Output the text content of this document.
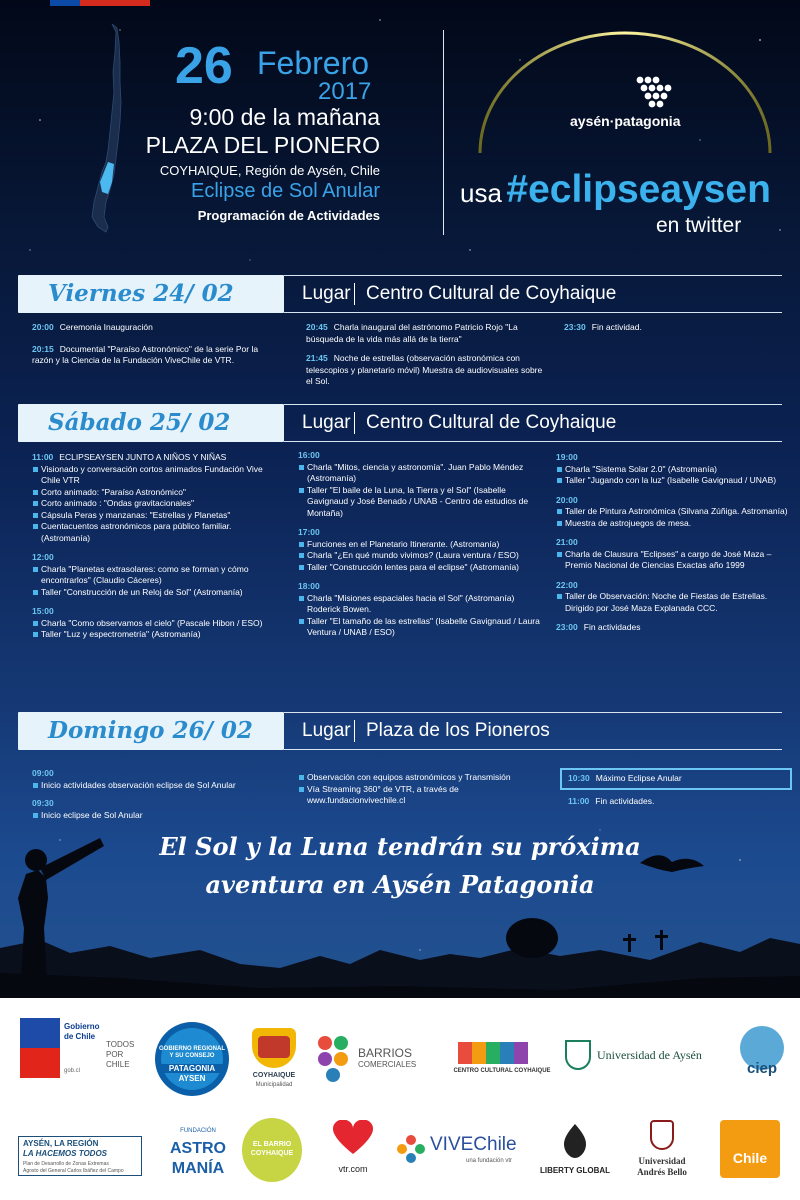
26 Febrero
2017
9:00 de la mañana
PLAZA DEL PIONERO
COYHAIQUE, Región de Aysén, Chile
Eclipse de Sol Anular
Programación de Actividades
aysén·patagonia
usa #eclipseaysen
en twitter
Viernes 24/ 02	Lugar Centro Cultural de Coyhaique
20:00 Ceremonia Inauguración
20:15 Documental "Paraíso Astronómico" de la serie Por la razón y la Ciencia de la Fundación ViveChile de VTR.
20:45 Charla inaugural del astrónomo Patricio Rojo "La búsqueda de la vida más allá de la tierra"
21:45 Noche de estrellas (observación astronómica con telescopios y planetario móvil) Muestra de audiovisuales sobre el Sol.
23:30 Fin actividad.
Sábado 25/ 02	Lugar Centro Cultural de Coyhaique
11:00 ECLIPSEAYSEN JUNTO A NIÑOS Y NIÑAS
Visionado y conversación cortos animados Fundación Vive Chile VTR
Corto animado: "Paraíso Astronómico"
Corto animado : "Ondas gravitacionales"
Cápsula Peras y manzanas: "Estrellas y Planetas"
Cuentacuentos astronómicos para público familiar. (Astromanía)
12:00
Charla "Planetas extrasolares: como se forman y cómo encontrarlos" (Claudio Cáceres)
Taller "Construcción de un Reloj de Sol" (Astromanía)
15:00
Charla "Como observamos el cielo" (Pascale Hibon / ESO)
Taller "Luz y espectrometría" (Astromanía)
16:00
Charla "Mitos, ciencia y astronomía". Juan Pablo Méndez (Astromanía)
Taller "El baile de la Luna, la Tierra y el Sol" (Isabelle Gavignaud y José Benado / UNAB - Centro de estudios de Montaña)
17:00
Funciones en el Planetario Itinerante. (Astromanía)
Charla "¿En qué mundo vivimos? (Laura ventura / ESO)
Taller "Construcción lentes para el eclipse" (Astromanía)
18:00
Charla "Misiones espaciales hacia el Sol" (Astromanía) Roderick Bowen.
Taller "El tamaño de las estrellas" (Isabelle Gavignaud / Laura Ventura / UNAB / ESO)
19:00
Charla "Sistema Solar 2.0" (Astromanía)
Taller "Jugando con la luz" (Isabelle Gavignaud / UNAB)
20:00
Taller de Pintura Astronómica (Silvana Zúñiga. Astromanía)
Muestra de astrojuegos de mesa.
21:00
Charla de Clausura "Eclipses" a cargo de José Maza – Premio Nacional de Ciencias Exactas año 1999
22:00
Taller de Observación: Noche de Fiestas de Estrellas. Dirigido por José Maza Explanada CCC.
23:00 Fin actividades
Domingo 26/ 02	Lugar Plaza de los Pioneros
09:00
Inicio actividades observación eclipse de Sol Anular
09:30
Inicio eclipse de Sol Anular
Observación con equipos astronómicos y Transmisión
Vía Streaming 360° de VTR, a través de www.fundacionvivechile.cl
10:30 Máximo Eclipse Anular
11:00 Fin actividades.
El Sol y la Luna tendrán su próxima
aventura en Aysén Patagonia
Gobierno
de Chile
gob.cl
TODOS
POR
CHILE
GOBIERNO REGIONAL Y SU CONSEJO
PATAGONIA
AYSEN	COYHAIQUE
Municipalidad
BARRIOS
COMERCIALES
CENTRO CULTURAL COYHAIQUE
Universidad de Aysén
ciep
AYSÉN, LA REGIÓN
LA HACEMOS TODOS
Plan de Desarrollo de Zonas Extremas
Agosto del General Carlos Ibáñez del Campo
FUNDACIÓN
ASTRO
MANÍA
EL BARRIO COYHAIQUE
vtr.com
VIVEChile
una fundación vtr
LIBERTY GLOBAL
Universidad
Andrés Bello
Chile
